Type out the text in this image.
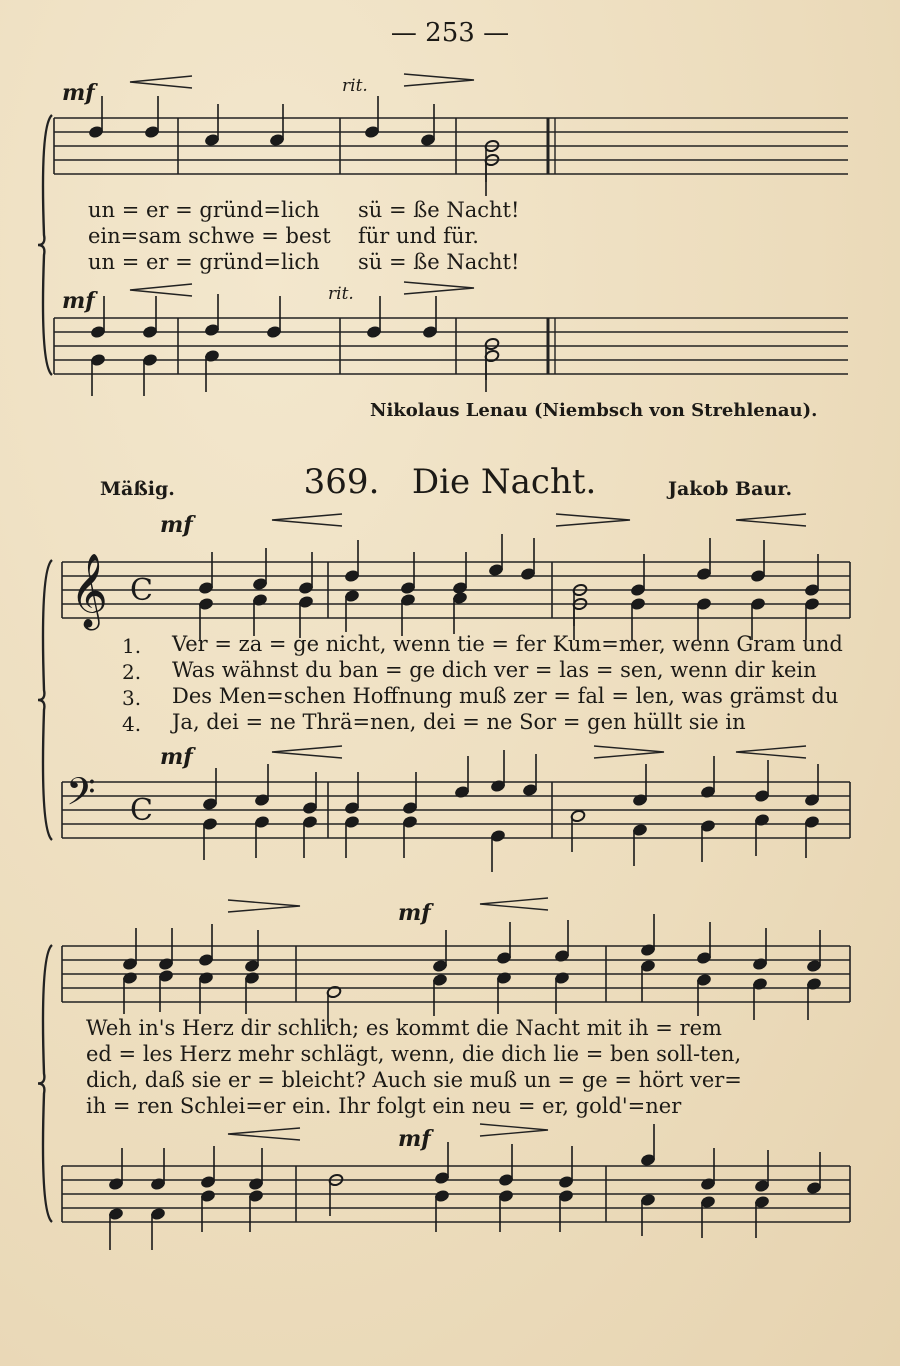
— 253 —
𝄞 C
𝄢 C
mf	rit.
mf	rit.
un = er = gründ=lich sü = ße Nacht!
ein=sam schwe = best für und für.
un = er = gründ=lich sü = ße Nacht!
Nikolaus Lenau (Niembsch von Strehlenau).
Mäßig.	369. Die Nacht.	Jakob Baur.
mf
mf
mf
mf
1.
2.
3.
4.
Ver = za = ge nicht, wenn tie = fer Kum=mer, wenn Gram und
Was wähnst du ban = ge dich ver = las = sen, wenn dir kein
Des Men=schen Hoffnung muß zer = fal = len, was grämst du
Ja, dei = ne Thrä=nen, dei = ne Sor = gen hüllt sie in
Weh in's Herz dir schlich; es kommt die Nacht mit ih = rem
ed = les Herz mehr schlägt, wenn, die dich lie = ben soll-ten,
dich, daß sie er = bleicht? Auch sie muß un = ge = hört ver=
ih = ren Schlei=er ein. Ihr folgt ein neu = er, gold'=ner
